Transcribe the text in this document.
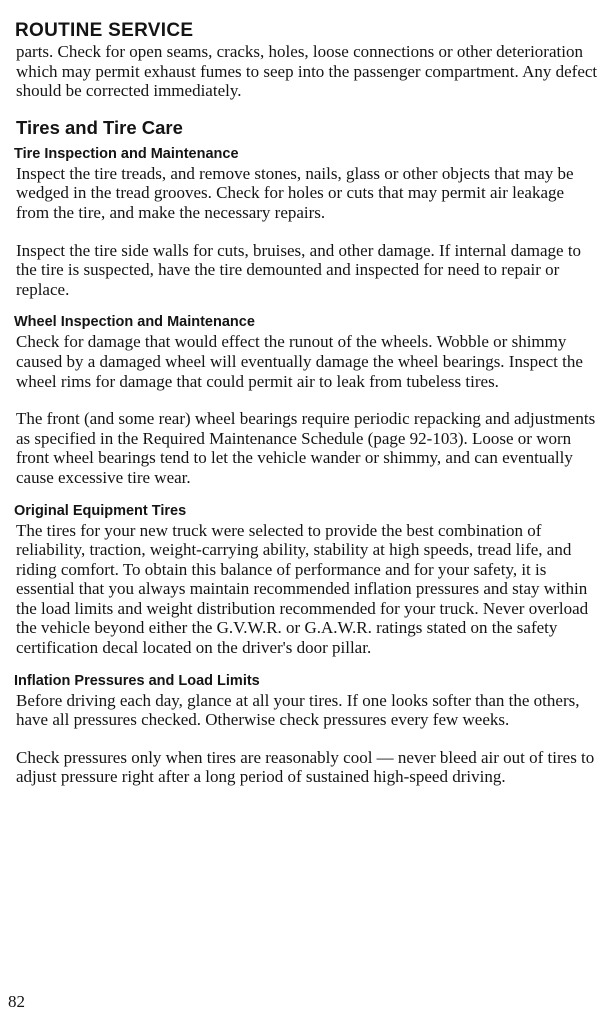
ROUTINE SERVICE

parts. Check for open seams, cracks, holes, loose connections or other deterioration which may permit exhaust fumes to seep into the passenger compartment. Any defect should be corrected immediately.

Tires and Tire Care
Tire Inspection and Maintenance

Inspect the tire treads, and remove stones, nails, glass or other objects that may be wedged in the tread grooves. Check for holes or cuts that may permit air leakage from the tire, and make the necessary repairs.

Inspect the tire side walls for cuts, bruises, and other damage. If internal damage to the tire is suspected, have the tire demounted and inspected for need to repair or replace.

Wheel Inspection and Maintenance

Check for damage that would effect the runout of the wheels. Wobble or shimmy caused by a damaged wheel will eventually damage the wheel bearings. Inspect the wheel rims for damage that could permit air to leak from tubeless tires.

The front (and some rear) wheel bearings require periodic repacking and adjustments as specified in the Required Maintenance Schedule (page 92-103). Loose or worn front wheel bearings tend to let the vehicle wander or shimmy, and can eventually cause excessive tire wear.

Original Equipment Tires

The tires for your new truck were selected to provide the best combination of reliability, traction, weight-carrying ability, stability at high speeds, tread life, and riding comfort. To obtain this balance of performance and for your safety, it is essential that you always maintain recommended inflation pressures and stay within the load limits and weight distribution recommended for your truck. Never overload the vehicle beyond either the G.V.W.R. or G.A.W.R. ratings stated on the safety certification decal located on the driver's door pillar.

Inflation Pressures and Load Limits

Before driving each day, glance at all your tires. If one looks softer than the others, have all pressures checked. Otherwise check pressures every few weeks.

Check pressures only when tires are reasonably cool — never bleed air out of tires to adjust pressure right after a long period of sustained high-speed driving.

82
